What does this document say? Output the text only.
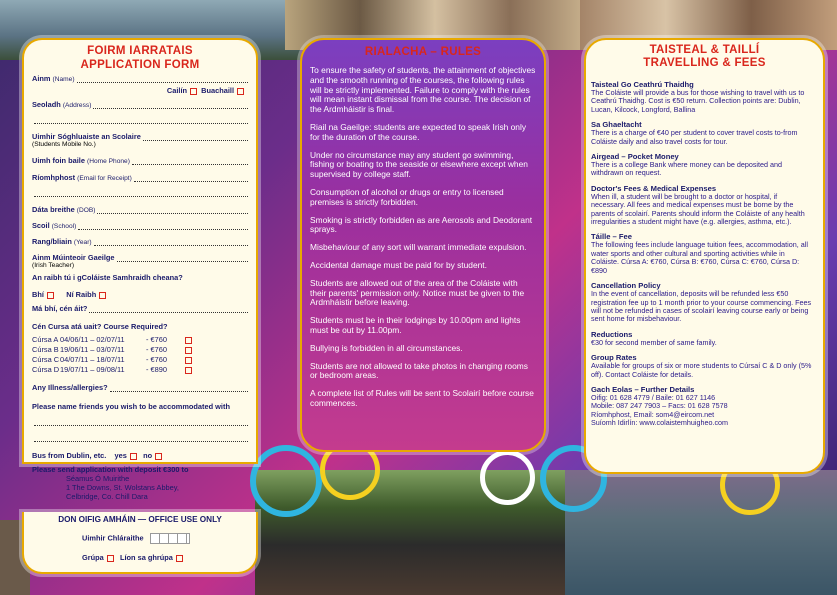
FOIRM IARRATAIS
APPLICATION FORM
Ainm (Name)
Cailín Buachaill
Seoladh (Address)
Uimhir Sóghluaiste an Scolaire
(Students Mobile No.)
Uimh foin baile (Home Phone)
Ríomhphost (Email for Receipt)
Dáta breithe (DOB)
Scoil (School)
Rang/bliain (Year)
Ainm Múinteoir Gaeilge
(Irish Teacher)
An raibh tú i gColáiste Samhraidh cheana?
Bhí	Ní Raibh
Má bhí, cén áit?
Cén Cursa atá uait? Course Required?
Cúrsa A 04/06/11 – 02/07/11	- €760
Cúrsa B19/06/11 – 03/07/11	- €760
Cúrsa C04/07/11 – 18/07/11	- €760
Cúrsa D19/07/11 – 09/08/11	- €890
Any Illness/allergies?
Please name friends you wish to be accommodated with
Bus from Dublin, etc. yes no
Please send application with deposit €300 to
Séamus Ó Muirithe
1 The Downs, St. Wolstans Abbey,
Celbridge, Co. Chill Dara
DON OIFIG AMHÁIN — OFFICE USE ONLY
Uimhir Chláraithe
Grúpa Líon sa ghrúpa
RIALACHA – RULES

To ensure the safety of students, the attainment of objectives and the smooth running of the courses, the following rules will be strictly implemented. Failure to comply with the rules will mean instant dismissal from the course. The decision of the Ardmháistir is final.

Riail na Gaeilge: students are expected to speak Irish only for the duration of the course.

Under no circumstance may any student go swimming, fishing or boating to the seaside or elsewhere except when supervised by college staff.

Consumption of alcohol or drugs or entry to licensed premises is strictly forbidden.

Smoking is strictly forbidden as are Aerosols and Deodorant sprays.

Misbehaviour of any sort will warrant immediate expulsion.

Accidental damage must be paid for by student.

Students are allowed out of the area of the Coláiste with their parents' permission only. Notice must be given to the Ardmháistir before leaving.

Students must be in their lodgings by 10.00pm and lights must be out by 11.00pm.

Bullying is forbidden in all circumstances.

Students are not allowed to take photos in changing rooms or bedroom areas.

A complete list of Rules will be sent to Scolairí before course commences.

TAISTEAL & TAILLÍ
TRAVELLING & FEES
Taisteal Go Ceathrú Thaidhg
The Coláiste will provide a bus for those wishing to travel with us to Ceathrú Thaidhg. Cost is €50 return. Collection points are: Dublin, Lucan, Kilcock, Longford, Ballina
Sa Ghaeltacht
There is a charge of €40 per student to cover travel costs to-from Coláiste daily and also travel costs for tour.
Airgead – Pocket Money
There is a college Bank where money can be deposited and withdrawn on request.
Doctor's Fees & Medical Expenses
When ill, a student will be brought to a doctor or hospital, if necessary. All fees and medical expenses must be borne by the parents of scolairí. Parents should inform the Coláiste of any health irregularities a student might have (e.g. allergies, asthma, etc.).
Táille – Fee
The following fees include language tuition fees, accommodation, all water sports and other cultural and sporting activities while in Coláiste. Cúrsa A: €760, Cúrsa B: €760, Cúrsa C: €760, Cúrsa D: €890
Cancellation Policy
In the event of cancellation, deposits will be refunded less €50 registration fee up to 1 month prior to your course commencing. Fees will not be refunded in cases of scolairí leaving course early or being sent home for misbehaviour.
Reductions
€30 for second member of same family.
Group Rates
Available for groups of six or more students to Cúrsaí C & D only (5% off). Contact Coláiste for details.
Gach Eolas – Further Details
Oifig: 01 628 4779 / Baile: 01 627 1146
Mobile: 087 247 7903 – Facs: 01 628 7578
Ríomhphost, Email: som4@eircom.net
Suíomh Idirlín: www.colaistemhuigheo.com
